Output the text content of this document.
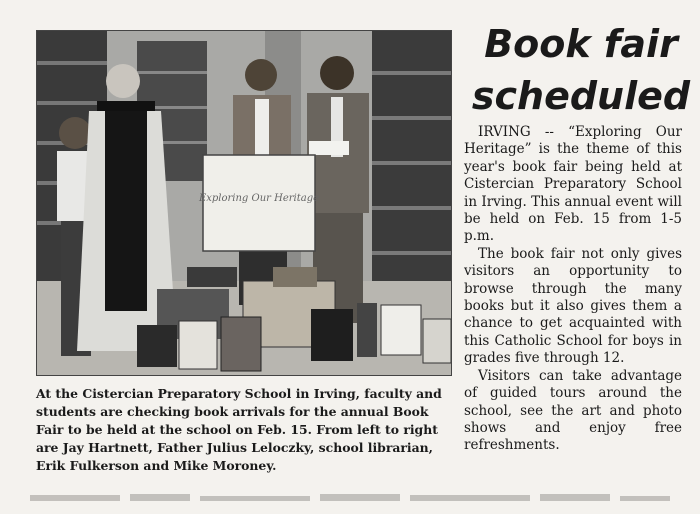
Exploring Our Heritage

At the Cistercian Preparatory School in Irving, faculty and students are checking book arrivals for the annual Book Fair to be held at the school on Feb. 15. From left to right are Jay Hartnett, Father Julius Leloczky, school librarian, Erik Fulkerson and Mike Moroney.

Book fair
scheduled

IRVING -- “Exploring Our Heritage” is the theme of this year's book fair being held at Cistercian Preparatory School in Irving. This annual event will be held on Feb. 15 from 1-5 p.m.

The book fair not only gives visitors an opportunity to browse through the many books but it also gives them a chance to get acquainted with this Catholic School for boys in grades five through 12.

Visitors can take advantage of guided tours around the school, see the art and photo shows and enjoy free refreshments.
